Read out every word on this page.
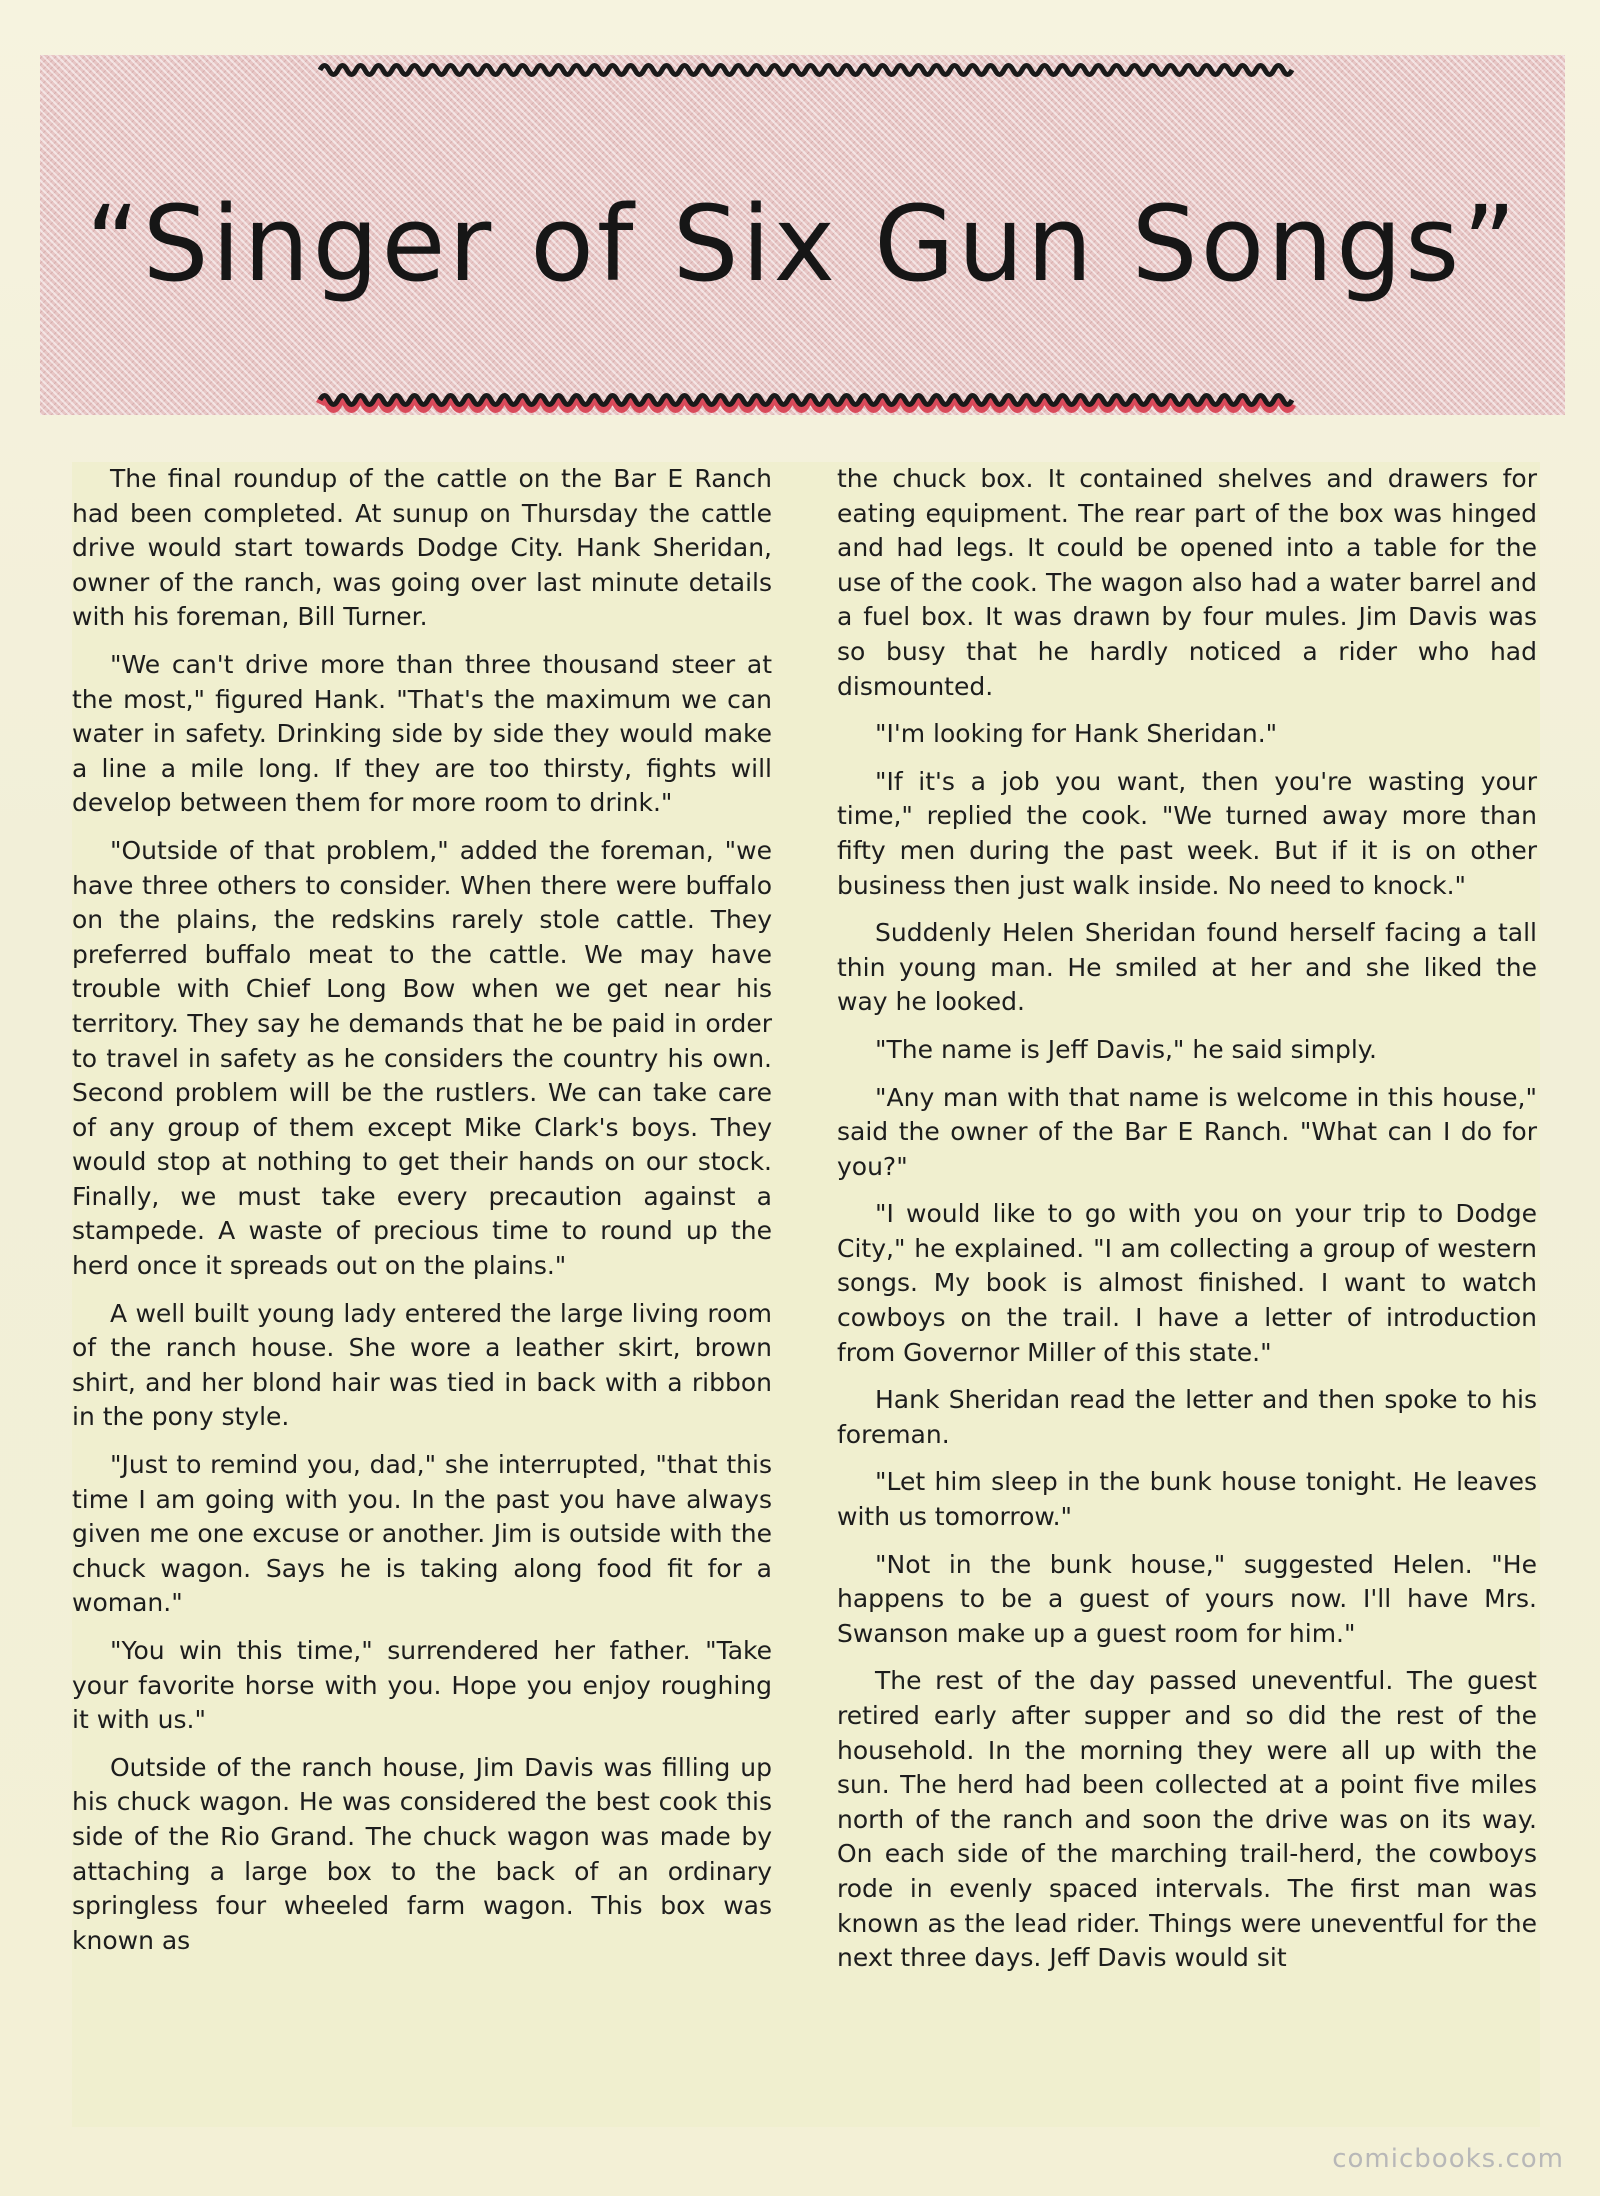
“Singer of Six Gun Songs”

The final roundup of the cattle on the Bar E Ranch had been completed. At sunup on Thursday the cattle drive would start towards Dodge City. Hank Sheridan, owner of the ranch, was going over last minute details with his foreman, Bill Turner.

"We can't drive more than three thousand steer at the most," figured Hank. "That's the maximum we can water in safety. Drinking side by side they would make a line a mile long. If they are too thirsty, fights will develop between them for more room to drink."

"Outside of that problem," added the foreman, "we have three others to consider. When there were buffalo on the plains, the redskins rarely stole cattle. They preferred buffalo meat to the cattle. We may have trouble with Chief Long Bow when we get near his territory. They say he demands that he be paid in order to travel in safety as he considers the country his own. Second problem will be the rustlers. We can take care of any group of them except Mike Clark's boys. They would stop at nothing to get their hands on our stock. Finally, we must take every precaution against a stampede. A waste of precious time to round up the herd once it spreads out on the plains."

A well built young lady entered the large living room of the ranch house. She wore a leather skirt, brown shirt, and her blond hair was tied in back with a ribbon in the pony style.

"Just to remind you, dad," she interrupted, "that this time I am going with you. In the past you have always given me one excuse or another. Jim is outside with the chuck wagon. Says he is taking along food fit for a woman."

"You win this time," surrendered her father. "Take your favorite horse with you. Hope you enjoy roughing it with us."

Outside of the ranch house, Jim Davis was filling up his chuck wagon. He was considered the best cook this side of the Rio Grand. The chuck wagon was made by attaching a large box to the back of an ordinary springless four wheeled farm wagon. This box was known as

the chuck box. It contained shelves and drawers for eating equipment. The rear part of the box was hinged and had legs. It could be opened into a table for the use of the cook. The wagon also had a water barrel and a fuel box. It was drawn by four mules. Jim Davis was so busy that he hardly noticed a rider who had dismounted.

"I'm looking for Hank Sheridan."

"If it's a job you want, then you're wasting your time," replied the cook. "We turned away more than fifty men during the past week. But if it is on other business then just walk inside. No need to knock."

Suddenly Helen Sheridan found herself facing a tall thin young man. He smiled at her and she liked the way he looked.

"The name is Jeff Davis," he said simply.

"Any man with that name is welcome in this house," said the owner of the Bar E Ranch. "What can I do for you?"

"I would like to go with you on your trip to Dodge City," he explained. "I am collecting a group of western songs. My book is almost finished. I want to watch cowboys on the trail. I have a letter of introduction from Governor Miller of this state."

Hank Sheridan read the letter and then spoke to his foreman.

"Let him sleep in the bunk house tonight. He leaves with us tomorrow."

"Not in the bunk house," suggested Helen. "He happens to be a guest of yours now. I'll have Mrs. Swanson make up a guest room for him."

The rest of the day passed uneventful. The guest retired early after supper and so did the rest of the household. In the morning they were all up with the sun. The herd had been collected at a point five miles north of the ranch and soon the drive was on its way. On each side of the marching trail-herd, the cowboys rode in evenly spaced intervals. The first man was known as the lead rider. Things were uneventful for the next three days. Jeff Davis would sit

comicbooks.com
